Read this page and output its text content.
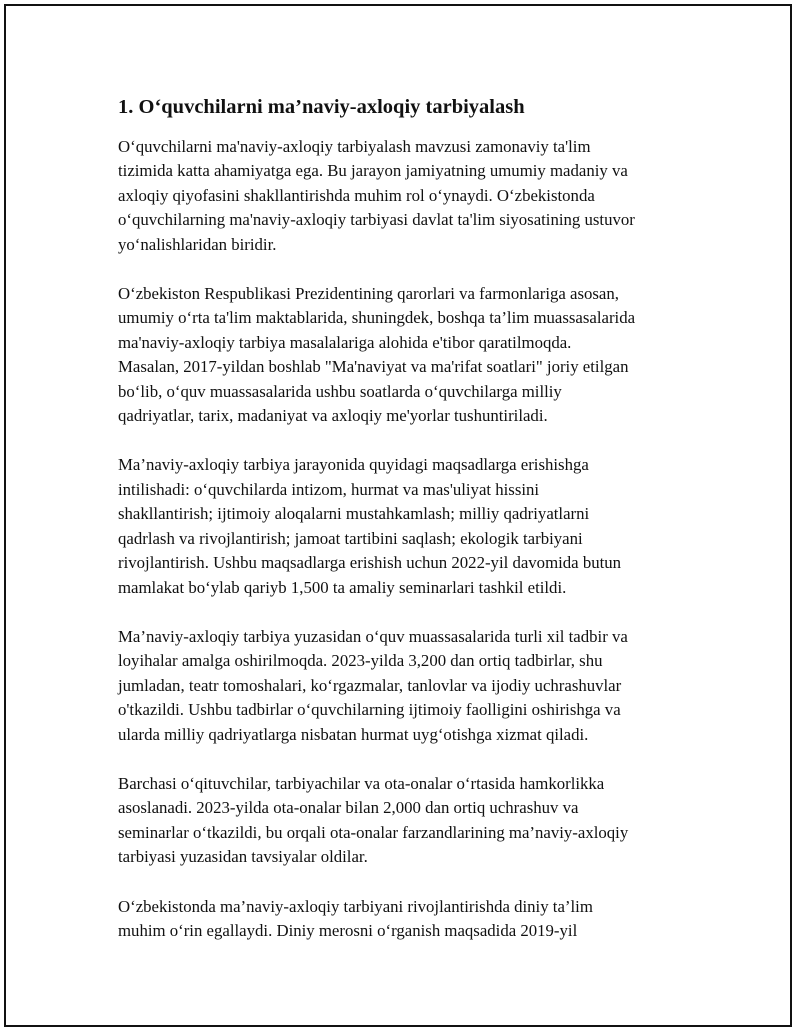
1. O‘quvchilarni ma’naviy-axloqiy tarbiyalash
O‘quvchilarni ma'naviy-axloqiy tarbiyalash mavzusi zamonaviy ta'lim
tizimida katta ahamiyatga ega. Bu jarayon jamiyatning umumiy madaniy va
axloqiy qiyofasini shakllantirishda muhim rol o‘ynaydi. O‘zbekistonda
o‘quvchilarning ma'naviy-axloqiy tarbiyasi davlat ta'lim siyosatining ustuvor
yo‘nalishlaridan biridir.
O‘zbekiston Respublikasi Prezidentining qarorlari va farmonlariga asosan,
umumiy o‘rta ta'lim maktablarida, shuningdek, boshqa ta’lim muassasalarida
ma'naviy-axloqiy tarbiya masalalariga alohida e'tibor qaratilmoqda.
Masalan, 2017-yildan boshlab "Ma'naviyat va ma'rifat soatlari" joriy etilgan
bo‘lib, o‘quv muassasalarida ushbu soatlarda o‘quvchilarga milliy
qadriyatlar, tarix, madaniyat va axloqiy me'yorlar tushuntiriladi.
Ma’naviy-axloqiy tarbiya jarayonida quyidagi maqsadlarga erishishga
intilishadi: o‘quvchilarda intizom, hurmat va mas'uliyat hissini
shakllantirish; ijtimoiy aloqalarni mustahkamlash; milliy qadriyatlarni
qadrlash va rivojlantirish; jamoat tartibini saqlash; ekologik tarbiyani
rivojlantirish. Ushbu maqsadlarga erishish uchun 2022-yil davomida butun
mamlakat bo‘ylab qariyb 1,500 ta amaliy seminarlari tashkil etildi.
Ma’naviy-axloqiy tarbiya yuzasidan o‘quv muassasalarida turli xil tadbir va
loyihalar amalga oshirilmoqda. 2023-yilda 3,200 dan ortiq tadbirlar, shu
jumladan, teatr tomoshalari, ko‘rgazmalar, tanlovlar va ijodiy uchrashuvlar
o'tkazildi. Ushbu tadbirlar o‘quvchilarning ijtimoiy faolligini oshirishga va
ularda milliy qadriyatlarga nisbatan hurmat uyg‘otishga xizmat qiladi.
Barchasi o‘qituvchilar, tarbiyachilar va ota-onalar o‘rtasida hamkorlikka
asoslanadi. 2023-yilda ota-onalar bilan 2,000 dan ortiq uchrashuv va
seminarlar o‘tkazildi, bu orqali ota-onalar farzandlarining ma’naviy-axloqiy
tarbiyasi yuzasidan tavsiyalar oldilar.
O‘zbekistonda ma’naviy-axloqiy tarbiyani rivojlantirishda diniy ta’lim
muhim o‘rin egallaydi. Diniy merosni o‘rganish maqsadida 2019-yil
